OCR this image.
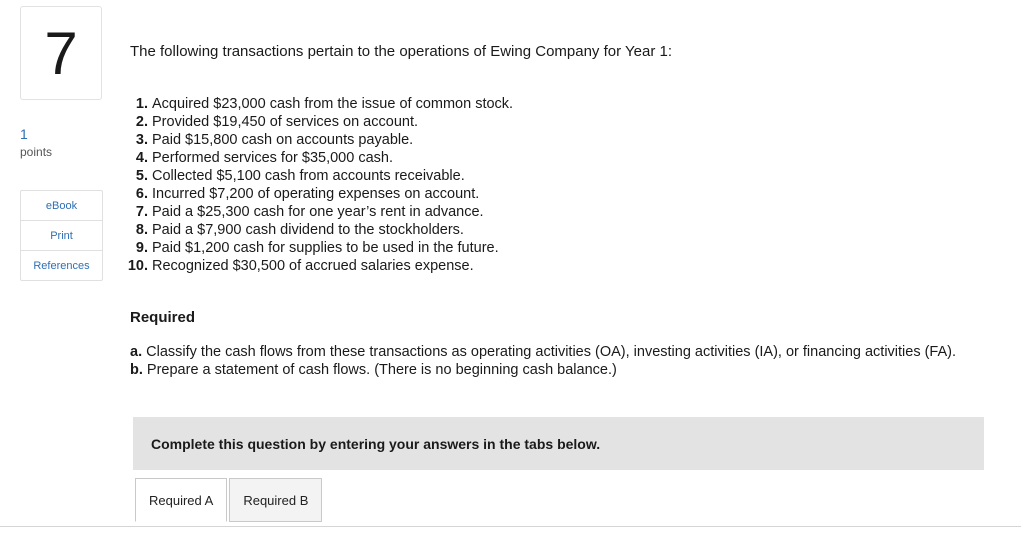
7
1
points
eBook
Print
References

The following transactions pertain to the operations of Ewing Company for Year 1:

1. Acquired $23,000 cash from the issue of common stock.
2. Provided $19,450 of services on account.
3. Paid $15,800 cash on accounts payable.
4. Performed services for $35,000 cash.
5. Collected $5,100 cash from accounts receivable.
6. Incurred $7,200 of operating expenses on account.
7. Paid a $25,300 cash for one year’s rent in advance.
8. Paid a $7,900 cash dividend to the stockholders.
9. Paid $1,200 cash for supplies to be used in the future.
10. Recognized $30,500 of accrued salaries expense.
Required
a. Classify the cash flows from these transactions as operating activities (OA), investing activities (IA), or financing activities (FA).
b. Prepare a statement of cash flows. (There is no beginning cash balance.)
Complete this question by entering your answers in the tabs below.
Required A	Required B
